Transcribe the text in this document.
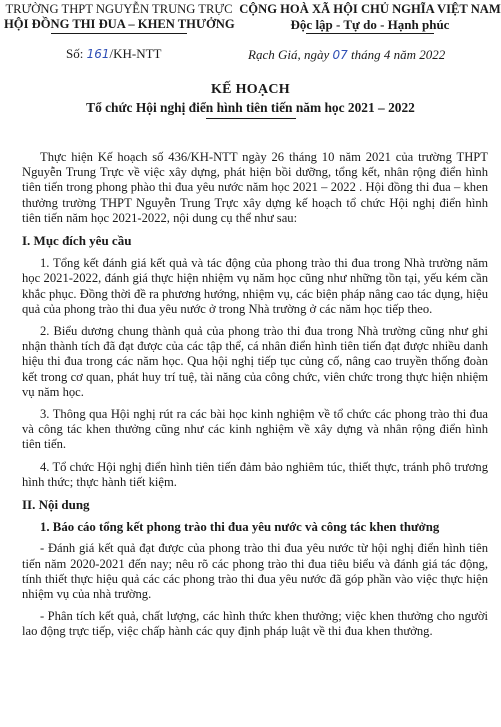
TRƯỜNG THPT NGUYỄN TRUNG TRỰC
HỘI ĐỒNG THI ĐUA – KHEN THƯỞNG
CỘNG HOÀ XÃ HỘI CHỦ NGHĨA VIỆT NAM
Độc lập - Tự do - Hạnh phúc
Số: 161/KH-NTT	Rạch Giá, ngày 07 tháng 4 năm 2022
KẾ HOẠCH
Tổ chức Hội nghị điển hình tiên tiến năm học 2021 – 2022

Thực hiện Kế hoạch số 436/KH-NTT ngày 26 tháng 10 năm 2021 của trường THPT Nguyễn Trung Trực về việc xây dựng, phát hiện bồi dưỡng, tổng kết, nhân rộng điển hình tiên tiến trong phong phào thi đua yêu nước năm học 2021 – 2022 . Hội đồng thi đua – khen thưởng trường THPT Nguyễn Trung Trực xây dựng kế hoạch tổ chức Hội nghị điển hình tiên tiến năm học 2021-2022, nội dung cụ thể như sau:

I. Mục đích yêu cầu

1. Tổng kết đánh giá kết quả và tác động của phong trào thi đua trong Nhà trường năm học 2021-2022, đánh giá thực hiện nhiệm vụ năm học cũng như những tồn tại, yếu kém cần khắc phục. Đồng thời đề ra phương hướng, nhiệm vụ, các biện pháp nâng cao tác dụng, hiệu quả của phong trào thi đua yêu nước ở trong Nhà trường ở các năm học tiếp theo.

2. Biểu dương chung thành quả của phong trào thi đua trong Nhà trường cũng như ghi nhận thành tích đã đạt được của các tập thể, cá nhân điển hình tiên tiến đạt được nhiều danh hiệu thi đua trong các năm học. Qua hội nghị tiếp tục củng cố, nâng cao truyền thống đoàn kết trong cơ quan, phát huy trí tuệ, tài năng của công chức, viên chức trong thực hiện nhiệm vụ năm học.

3. Thông qua Hội nghị rút ra các bài học kinh nghiệm về tổ chức các phong trào thi đua và công tác khen thưởng cũng như các kinh nghiệm về xây dựng và nhân rộng điển hình tiên tiến.

4. Tổ chức Hội nghị điển hình tiên tiến đảm bảo nghiêm túc, thiết thực, tránh phô trương hình thức; thực hành tiết kiệm.

II. Nội dung
1. Báo cáo tổng kết phong trào thi đua yêu nước và công tác khen thưởng

- Đánh giá kết quả đạt được của phong trào thi đua yêu nước từ hội nghị điển hình tiên tiến năm 2020-2021 đến nay; nêu rõ các phong trào thi đua tiêu biểu và đánh giá tác động, tính thiết thực hiệu quả các các phong trào thi đua yêu nước đã góp phần vào việc thực hiện nhiệm vụ của nhà trường.

- Phân tích kết quả, chất lượng, các hình thức khen thưởng; việc khen thưởng cho người lao động trực tiếp, việc chấp hành các quy định pháp luật về thi đua khen thưởng.
